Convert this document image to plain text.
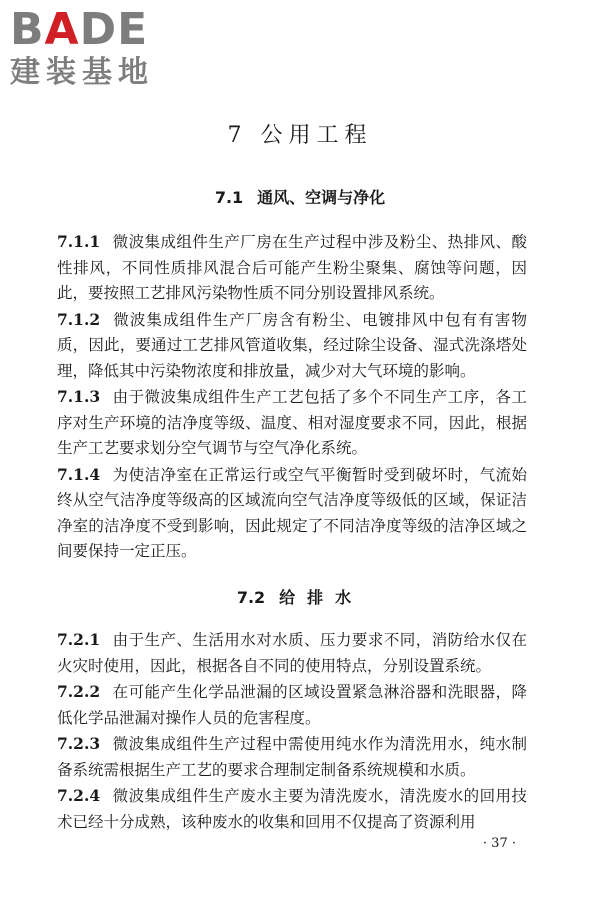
BADE
建装基地
7 公用工程
7.1 通风、空调与净化
7.1.1 微波集成组件生产厂房在生产过程中涉及粉尘、热排风、酸性排风，不同性质排风混合后可能产生粉尘聚集、腐蚀等问题，因此，要按照工艺排风污染物性质不同分别设置排风系统。
7.1.2 微波集成组件生产厂房含有粉尘、电镀排风中包有有害物质，因此，要通过工艺排风管道收集，经过除尘设备、湿式洗涤塔处理，降低其中污染物浓度和排放量，减少对大气环境的影响。
7.1.3 由于微波集成组件生产工艺包括了多个不同生产工序，各工序对生产环境的洁净度等级、温度、相对湿度要求不同，因此，根据生产工艺要求划分空气调节与空气净化系统。
7.1.4 为使洁净室在正常运行或空气平衡暂时受到破坏时，气流始终从空气洁净度等级高的区域流向空气洁净度等级低的区域，保证洁净室的洁净度不受到影响，因此规定了不同洁净度等级的洁净区域之间要保持一定正压。
7.2 给排水
7.2.1 由于生产、生活用水对水质、压力要求不同，消防给水仅在火灾时使用，因此，根据各自不同的使用特点，分别设置系统。
7.2.2 在可能产生化学品泄漏的区域设置紧急淋浴器和洗眼器，降低化学品泄漏对操作人员的危害程度。
7.2.3 微波集成组件生产过程中需使用纯水作为清洗用水，纯水制备系统需根据生产工艺的要求合理制定制备系统规模和水质。
7.2.4 微波集成组件生产废水主要为清洗废水，清洗废水的回用技术已经十分成熟，该种废水的收集和回用不仅提高了资源利用
· 37 ·
